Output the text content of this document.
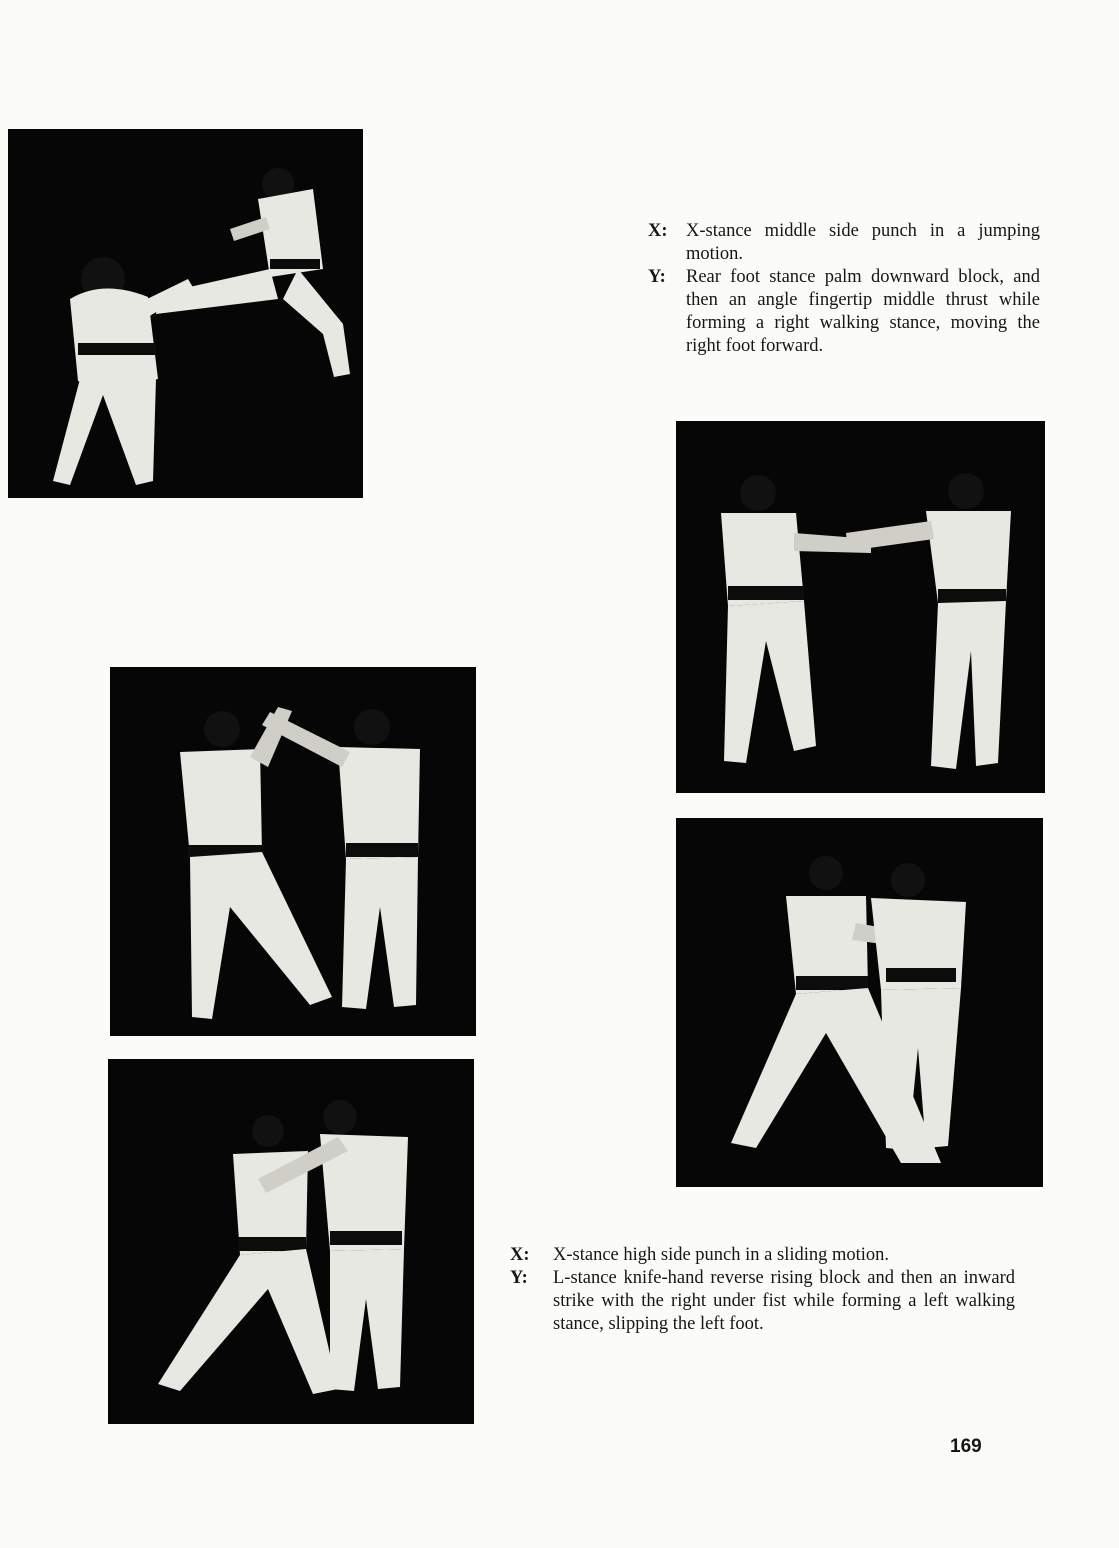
X: X-stance middle side punch in a jumping motion.
Y:	Rear foot stance palm downward block, and then an angle fingertip middle thrust while forming a right walking stance, moving the right foot forward.
X:	X-stance high side punch in a sliding motion.
Y:	L-stance knife-hand reverse rising block and then an inward strike with the right under fist while forming a left walking stance, slipping the left foot.
169
